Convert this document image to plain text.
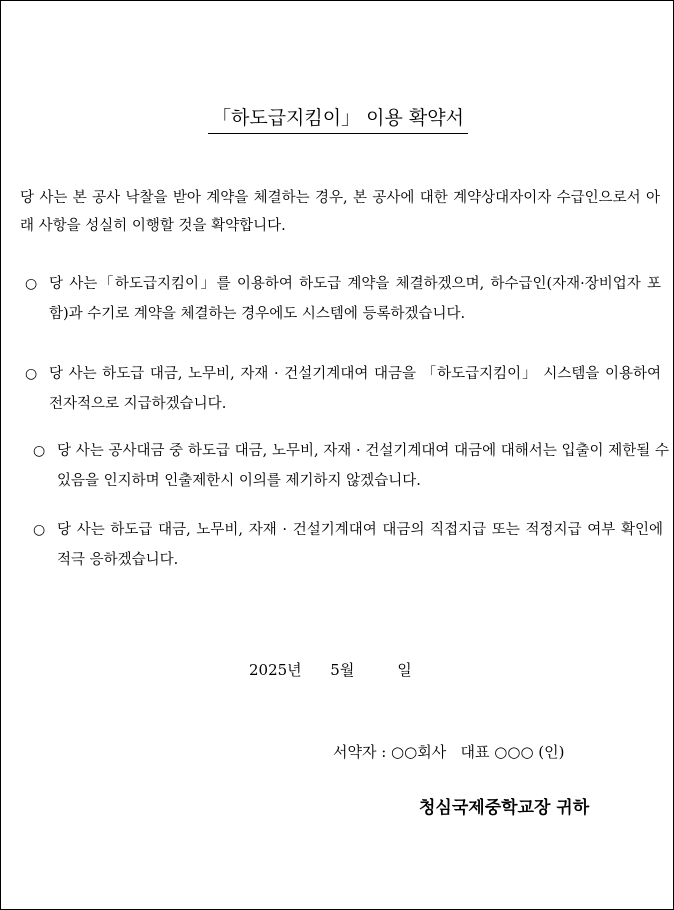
「하도급지킴이」 이용 확약서
당 사는 본 공사 낙찰을 받아 계약을 체결하는 경우, 본 공사에 대한 계약상대자이자 수급인으로서 아래 사항을 성실히 이행할 것을 확약합니다.
○ 당 사는「하도급지킴이」를 이용하여 하도급 계약을 체결하겠으며, 하수급인(자재·장비업자 포함)과 수기로 계약을 체결하는 경우에도 시스템에 등록하겠습니다.
○ 당 사는 하도급 대금, 노무비, 자재 · 건설기계대여 대금을 「하도급지킴이」 시스템을 이용하여 전자적으로 지급하겠습니다.
○ 당 사는 공사대금 중 하도급 대금, 노무비, 자재 · 건설기계대여 대금에 대해서는 입출이 제한될 수 있음을 인지하며 인출제한시 이의를 제기하지 않겠습니다.
○ 당 사는 하도급 대금, 노무비, 자재 · 건설기계대여 대금의 직접지급 또는 적정지급 여부 확인에 적극 응하겠습니다.
2025년      5월         일
서약자 : ○○회사   대표 ○○○ (인)
청심국제중학교장 귀하
